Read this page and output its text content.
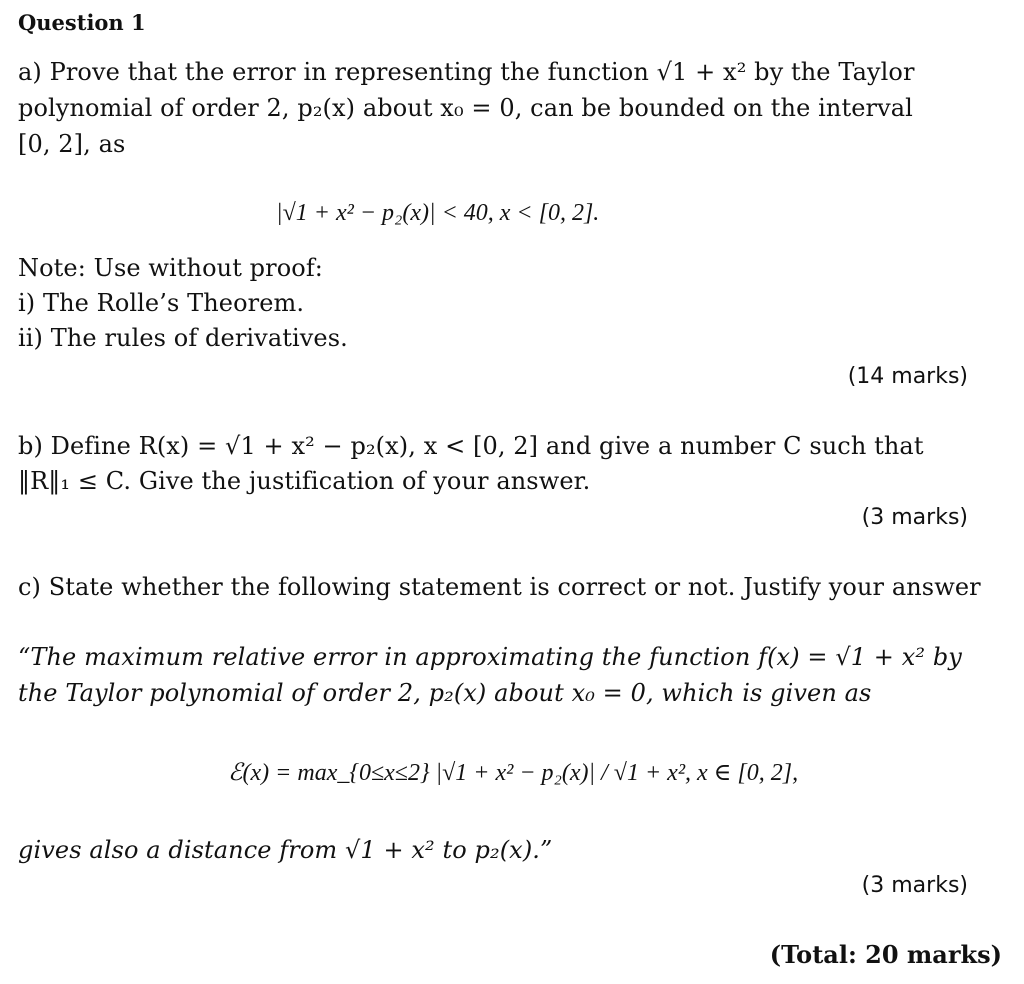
Question 1
a) Prove that the error in representing the function √1 + x² by the Taylor
polynomial of order 2, p₂(x) about x₀ = 0, can be bounded on the interval
[0, 2], as
|√1 + x² − p₂(x)| < 40, x < [0, 2].
Note: Use without proof:
i) The Rolle’s Theorem.
ii) The rules of derivatives.
(14 marks)
b) Define R(x) = √1 + x² − p₂(x), x < [0, 2] and give a number C such that
‖R‖₁ ≤ C. Give the justification of your answer.
(3 marks)
c) State whether the following statement is correct or not. Justify your answer
“The maximum relative error in approximating the function f(x) = √1 + x² by
the Taylor polynomial of order 2, p₂(x) about x₀ = 0, which is given as
ℰ(x) = max_{0≤x≤2} |√1 + x² − p₂(x)| / √1 + x², x ∈ [0, 2],
gives also a distance from √1 + x² to p₂(x).”
(3 marks)
(Total: 20 marks)
